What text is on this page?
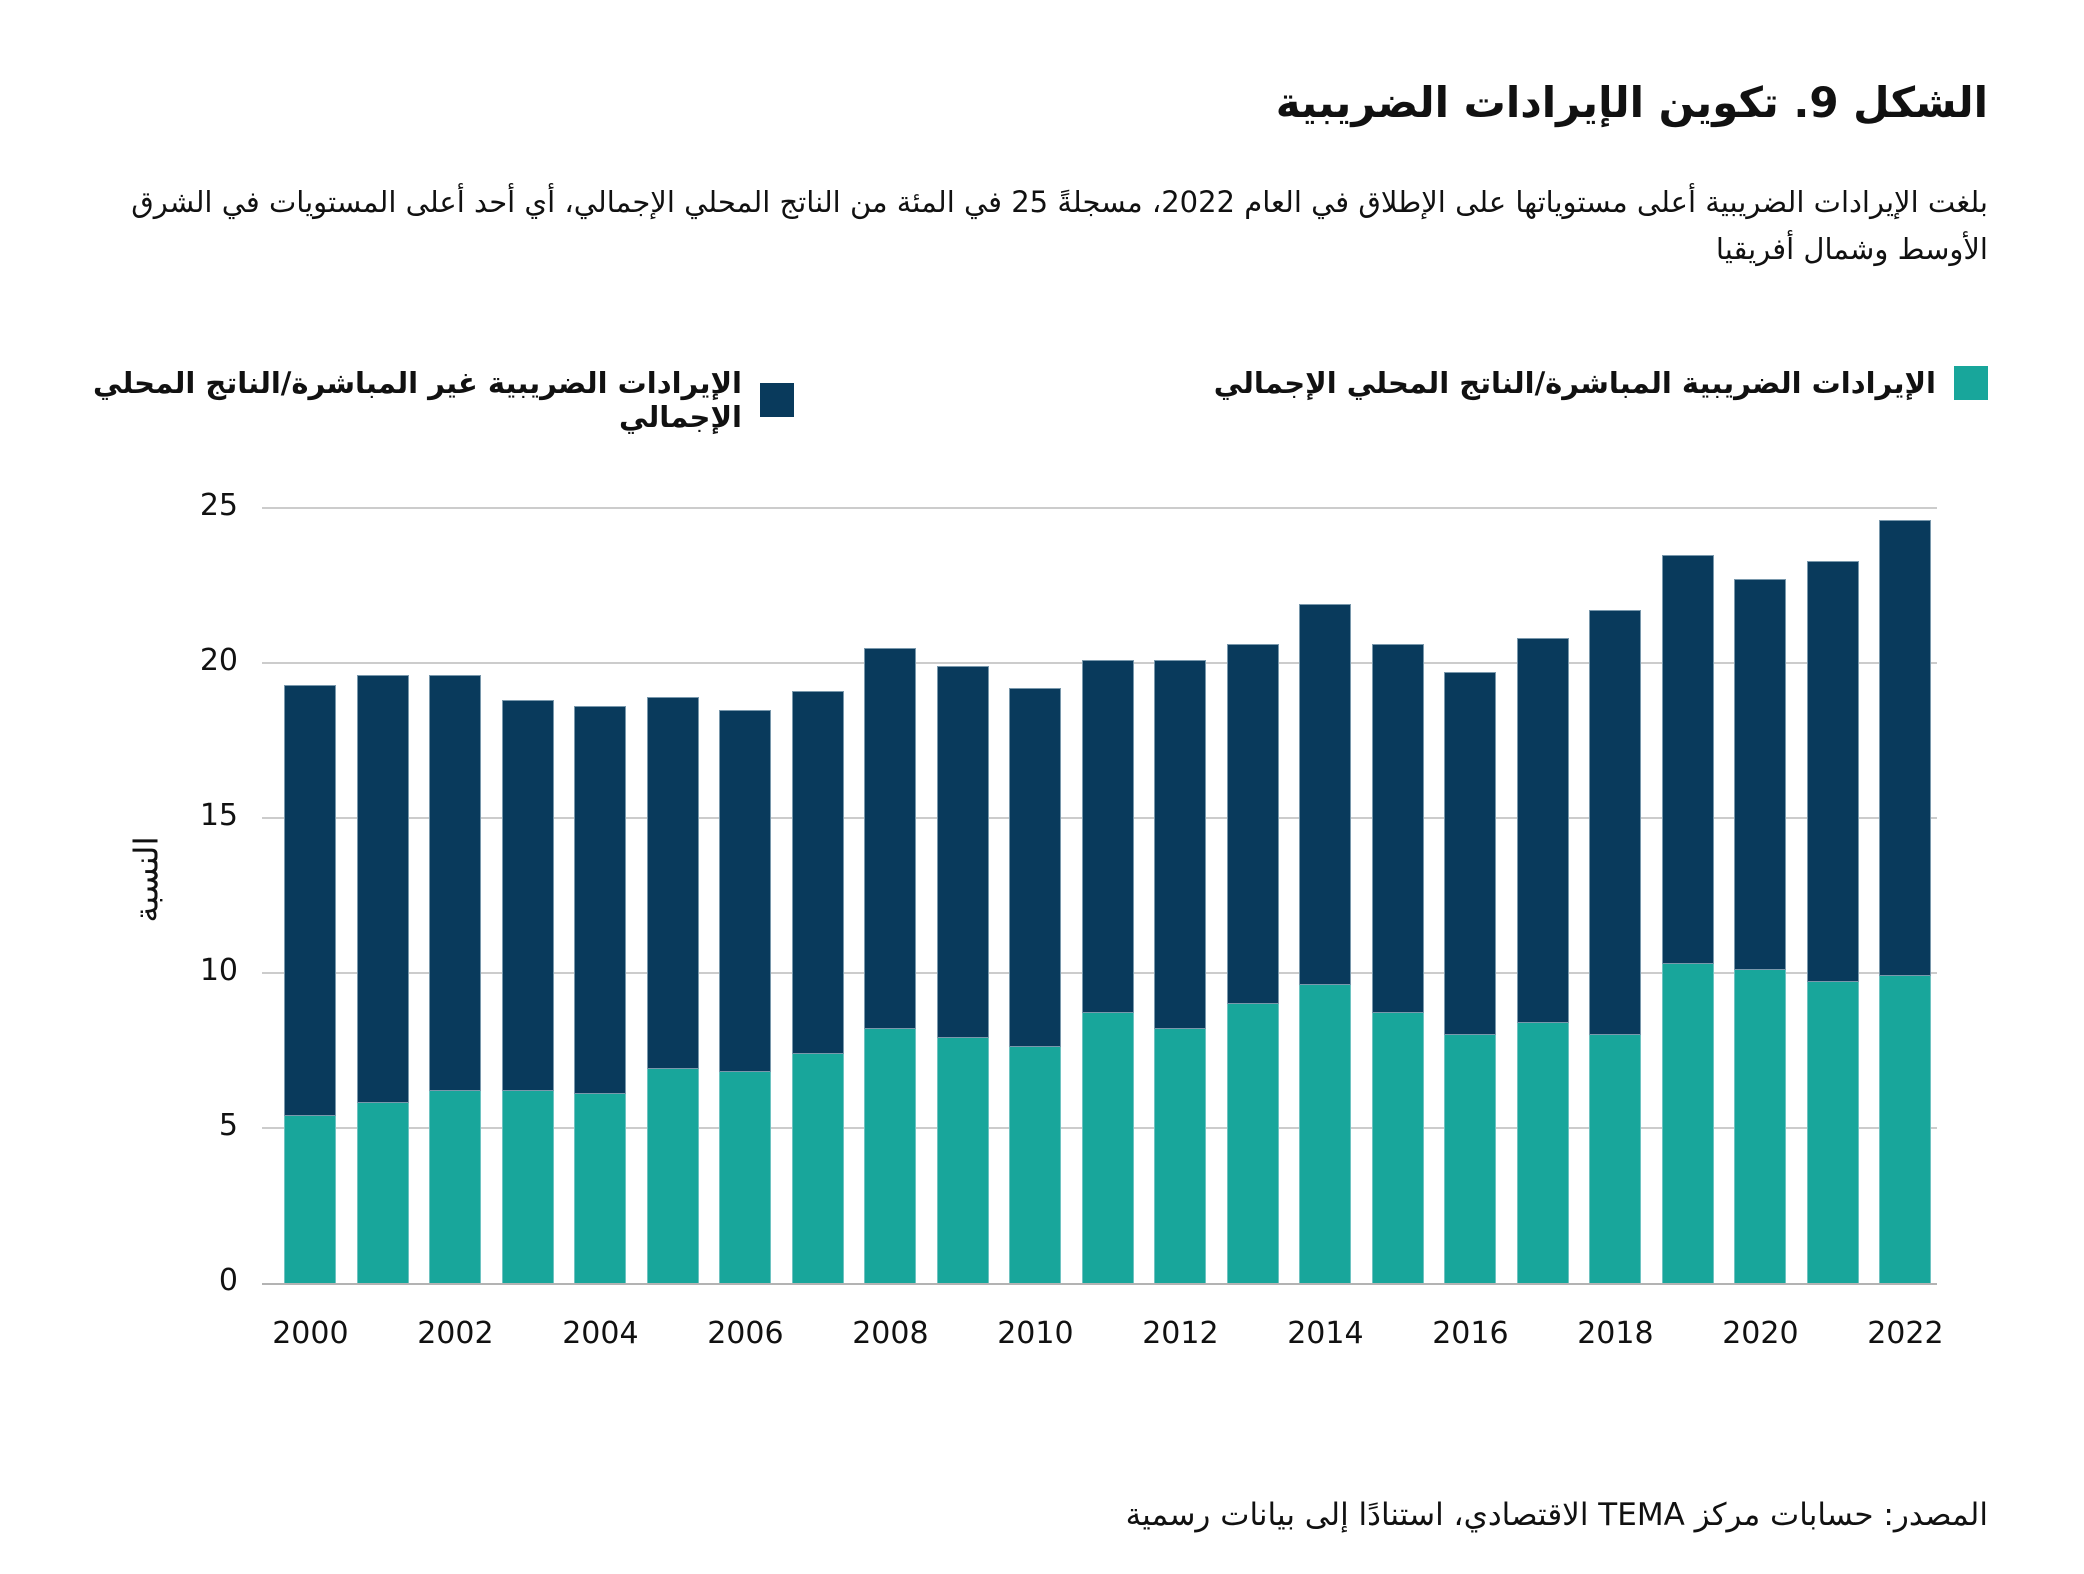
الشكل 9. تكوين الإيرادات الضريبية

بلغت الإيرادات الضريبية أعلى مستوياتها على الإطلاق في العام 2022، مسجلةً 25 في المئة من الناتج المحلي الإجمالي، أي أحد أعلى المستويات في الشرق الأوسط وشمال أفريقيا

الإيرادات الضريبية المباشرة/الناتج المحلي الإجمالي
الإيرادات الضريبية غير المباشرة/الناتج المحلي الإجمالي
النسبة
0
5
10
15
20
25
2000	2002	2004	2006	2008	2010	2012	2014	2016	2018	2020	2022

المصدر: حسابات مركز TEMA الاقتصادي، استنادًا إلى بيانات رسمية
